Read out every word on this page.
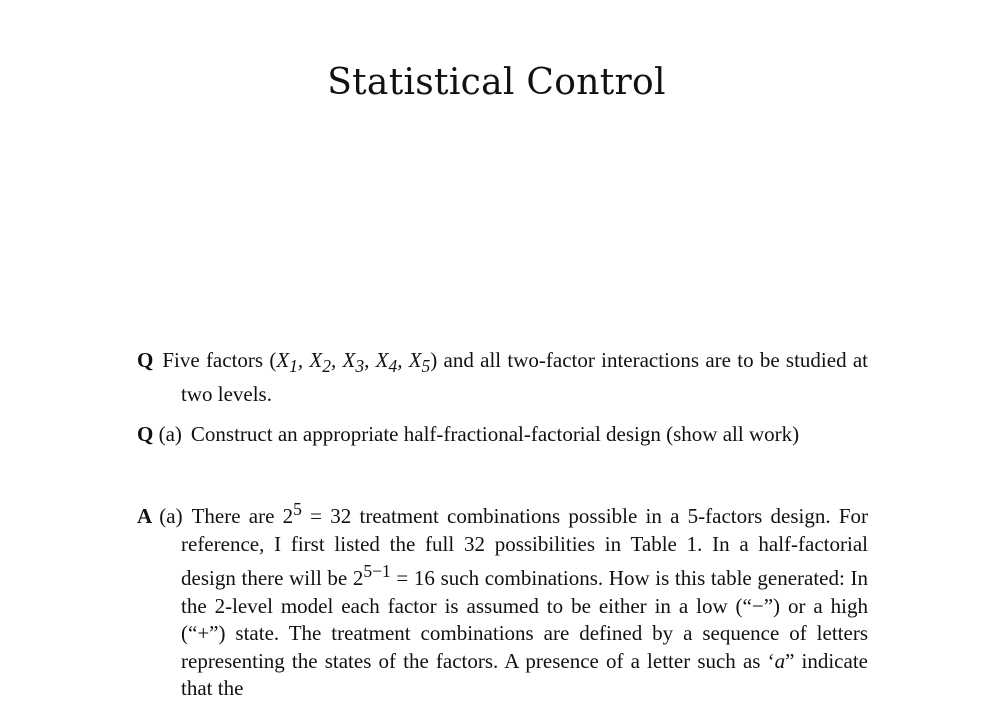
Statistical Control
Q Five factors ($X_1$, $X_2$, $X_3$, $X_4$, $X_5$) and all two-factor interactions are to be studied at two levels.
Q (a) Construct an appropriate half-fractional-factorial design (show all work)
A (a) There are $2^5 = 32$ treatment combinations possible in a 5-factors design. For reference, I first listed the full 32 possibilities in Table 1. In a half-factorial design there will be $2^{5-1} = 16$ such combinations. How is this table generated: In the 2-level model each factor is assumed to be either in a low (“−”) or a high (“+”) state. The treatment combinations are defined by a sequence of letters representing the states of the factors. A presence of a letter such as ‘a” indicate that the
